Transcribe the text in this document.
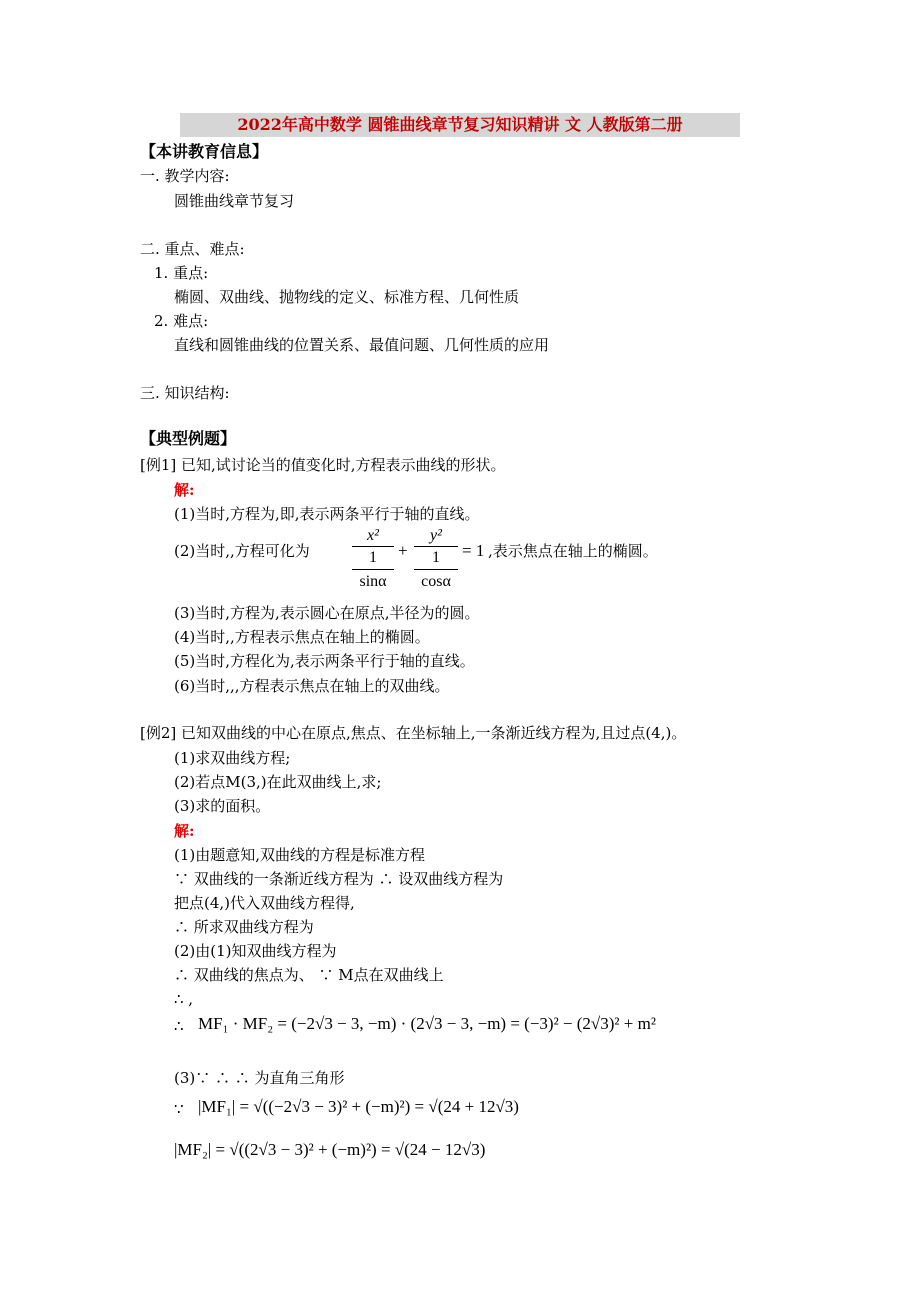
2022年高中数学 圆锥曲线章节复习知识精讲 文 人教版第二册
【本讲教育信息】
一. 教学内容:
圆锥曲线章节复习
二. 重点、难点:
1. 重点:
椭圆、双曲线、抛物线的定义、标准方程、几何性质
2. 难点:
直线和圆锥曲线的位置关系、最值问题、几何性质的应用
三. 知识结构:
【典型例题】
[例1] 已知,试讨论当的值变化时,方程表示曲线的形状。
解:
(1)当时,方程为,即,表示两条平行于轴的直线。
(2)当时,,方程可化为
x²
1
sinα
+
y²
1
cosα
= 1 ,表示焦点在轴上的椭圆。
(3)当时,方程为,表示圆心在原点,半径为的圆。
(4)当时,,方程表示焦点在轴上的椭圆。
(5)当时,方程化为,表示两条平行于轴的直线。
(6)当时,,,方程表示焦点在轴上的双曲线。
[例2] 已知双曲线的中心在原点,焦点、在坐标轴上,一条渐近线方程为,且过点(4,)。
(1)求双曲线方程;
(2)若点M(3,)在此双曲线上,求;
(3)求的面积。
解:
(1)由题意知,双曲线的方程是标准方程
∵ 双曲线的一条渐近线方程为 ∴ 设双曲线方程为
把点(4,)代入双曲线方程得,
∴ 所求双曲线方程为
(2)由(1)知双曲线方程为
∴ 双曲线的焦点为、 ∵ M点在双曲线上
∴ ,
∴ MF₁ · MF₂ = (−2√3 − 3, −m) · (2√3 − 3, −m) = (−3)² − (2√3)² + m²
(3)∵ ∴ ∴ 为直角三角形
∵ |MF₁| = √((−2√3 − 3)² + (−m)²) = √(24 + 12√3)
|MF₂| = √((2√3 − 3)² + (−m)²) = √(24 − 12√3)
